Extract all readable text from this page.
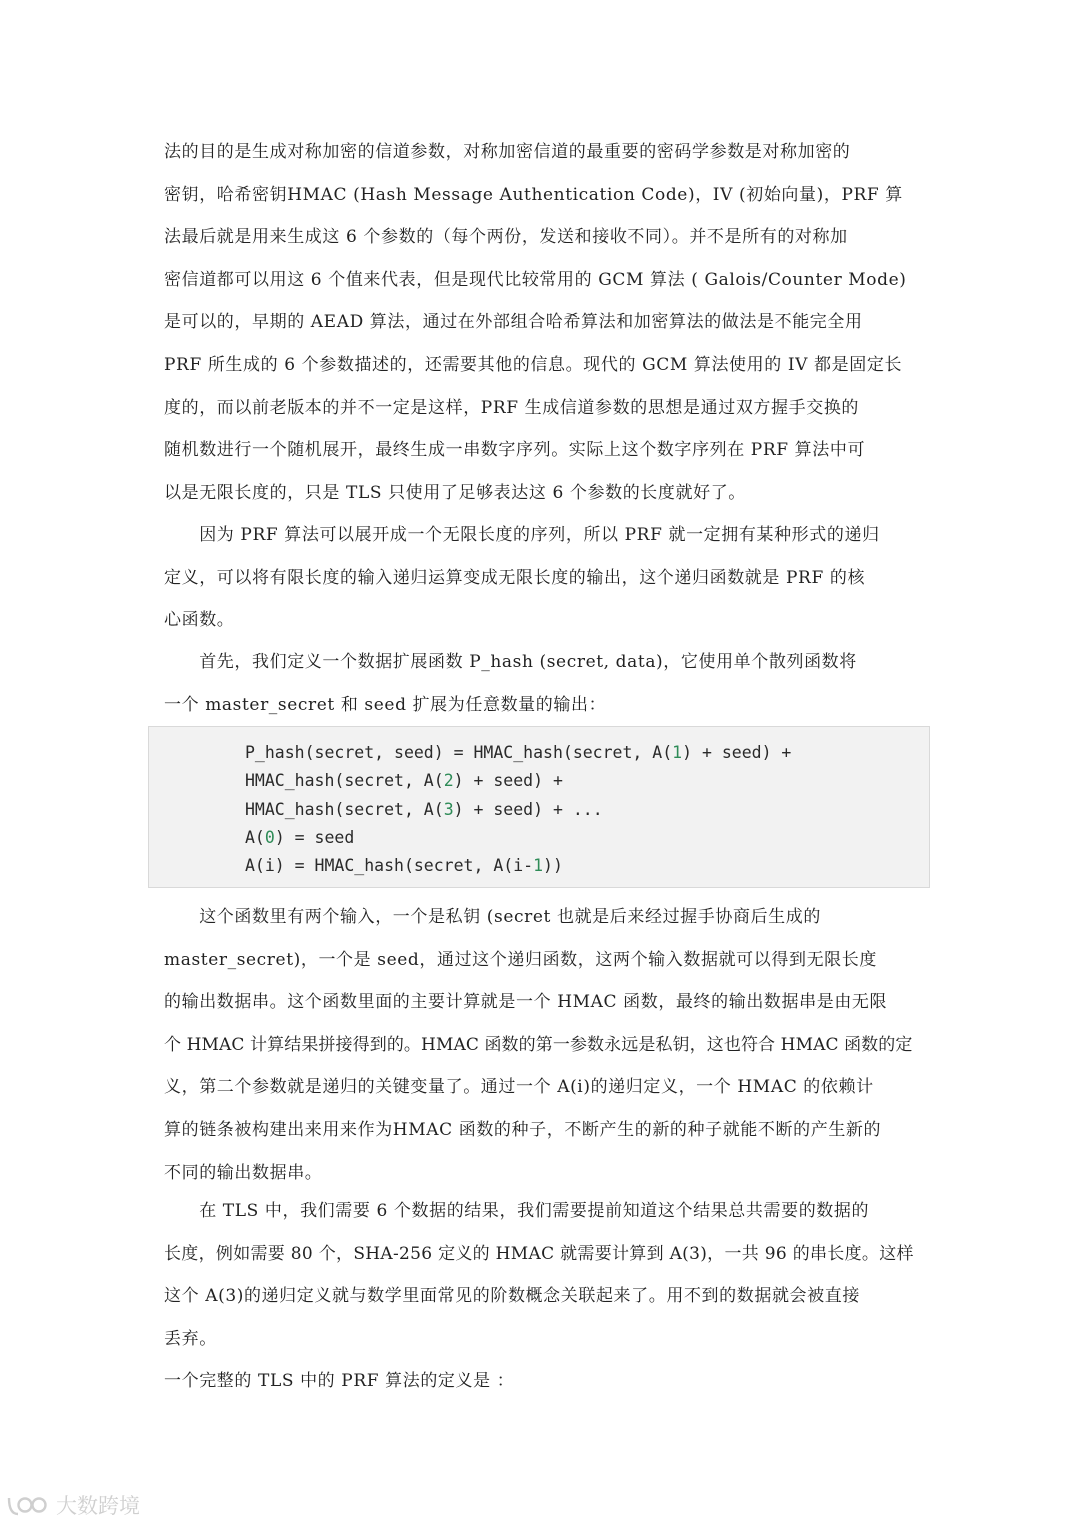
法的目的是生成对称加密的信道参数，对称加密信道的最重要的密码学参数是对称加密的
密钥，哈希密钥HMAC (Hash Message Authentication Code)，IV (初始向量)，PRF 算
法最后就是用来生成这 6 个参数的（每个两份，发送和接收不同）。并不是所有的对称加
密信道都可以用这 6 个值来代表，但是现代比较常用的 GCM 算法 ( Galois/Counter Mode)
是可以的，早期的 AEAD 算法，通过在外部组合哈希算法和加密算法的做法是不能完全用
PRF 所生成的 6 个参数描述的，还需要其他的信息。现代的 GCM 算法使用的 IV 都是固定长
度的，而以前老版本的并不一定是这样，PRF 生成信道参数的思想是通过双方握手交换的
随机数进行一个随机展开，最终生成一串数字序列。实际上这个数字序列在 PRF 算法中可
以是无限长度的，只是 TLS 只使用了足够表达这 6 个参数的长度就好了。
　　因为 PRF 算法可以展开成一个无限长度的序列，所以 PRF 就一定拥有某种形式的递归
定义，可以将有限长度的输入递归运算变成无限长度的输出，这个递归函数就是 PRF 的核
心函数。
　　首先，我们定义一个数据扩展函数 P_hash (secret, data)，它使用单个散列函数将
一个 master_secret 和 seed 扩展为任意数量的输出：
P_hash(secret, seed) = HMAC_hash(secret, A(1) + seed) +
HMAC_hash(secret, A(2) + seed) +
HMAC_hash(secret, A(3) + seed) + ...
A(0) = seed
A(i) = HMAC_hash(secret, A(i-1))
　　这个函数里有两个输入，一个是私钥 (secret 也就是后来经过握手协商后生成的
master_secret)，一个是 seed，通过这个递归函数，这两个输入数据就可以得到无限长度
的输出数据串。这个函数里面的主要计算就是一个 HMAC 函数，最终的输出数据串是由无限
个 HMAC 计算结果拼接得到的。HMAC 函数的第一参数永远是私钥，这也符合 HMAC 函数的定
义，第二个参数就是递归的关键变量了。通过一个 A(i)的递归定义，一个 HMAC 的依赖计
算的链条被构建出来用来作为HMAC 函数的种子，不断产生的新的种子就能不断的产生新的
不同的输出数据串。
　　在 TLS 中，我们需要 6 个数据的结果，我们需要提前知道这个结果总共需要的数据的
长度，例如需要 80 个，SHA-256 定义的 HMAC 就需要计算到 A(3)，一共 96 的串长度。这样
这个 A(3)的递归定义就与数学里面常见的阶数概念关联起来了。用不到的数据就会被直接
丢弃。
一个完整的 TLS 中的 PRF 算法的定义是 ：
大数跨境
